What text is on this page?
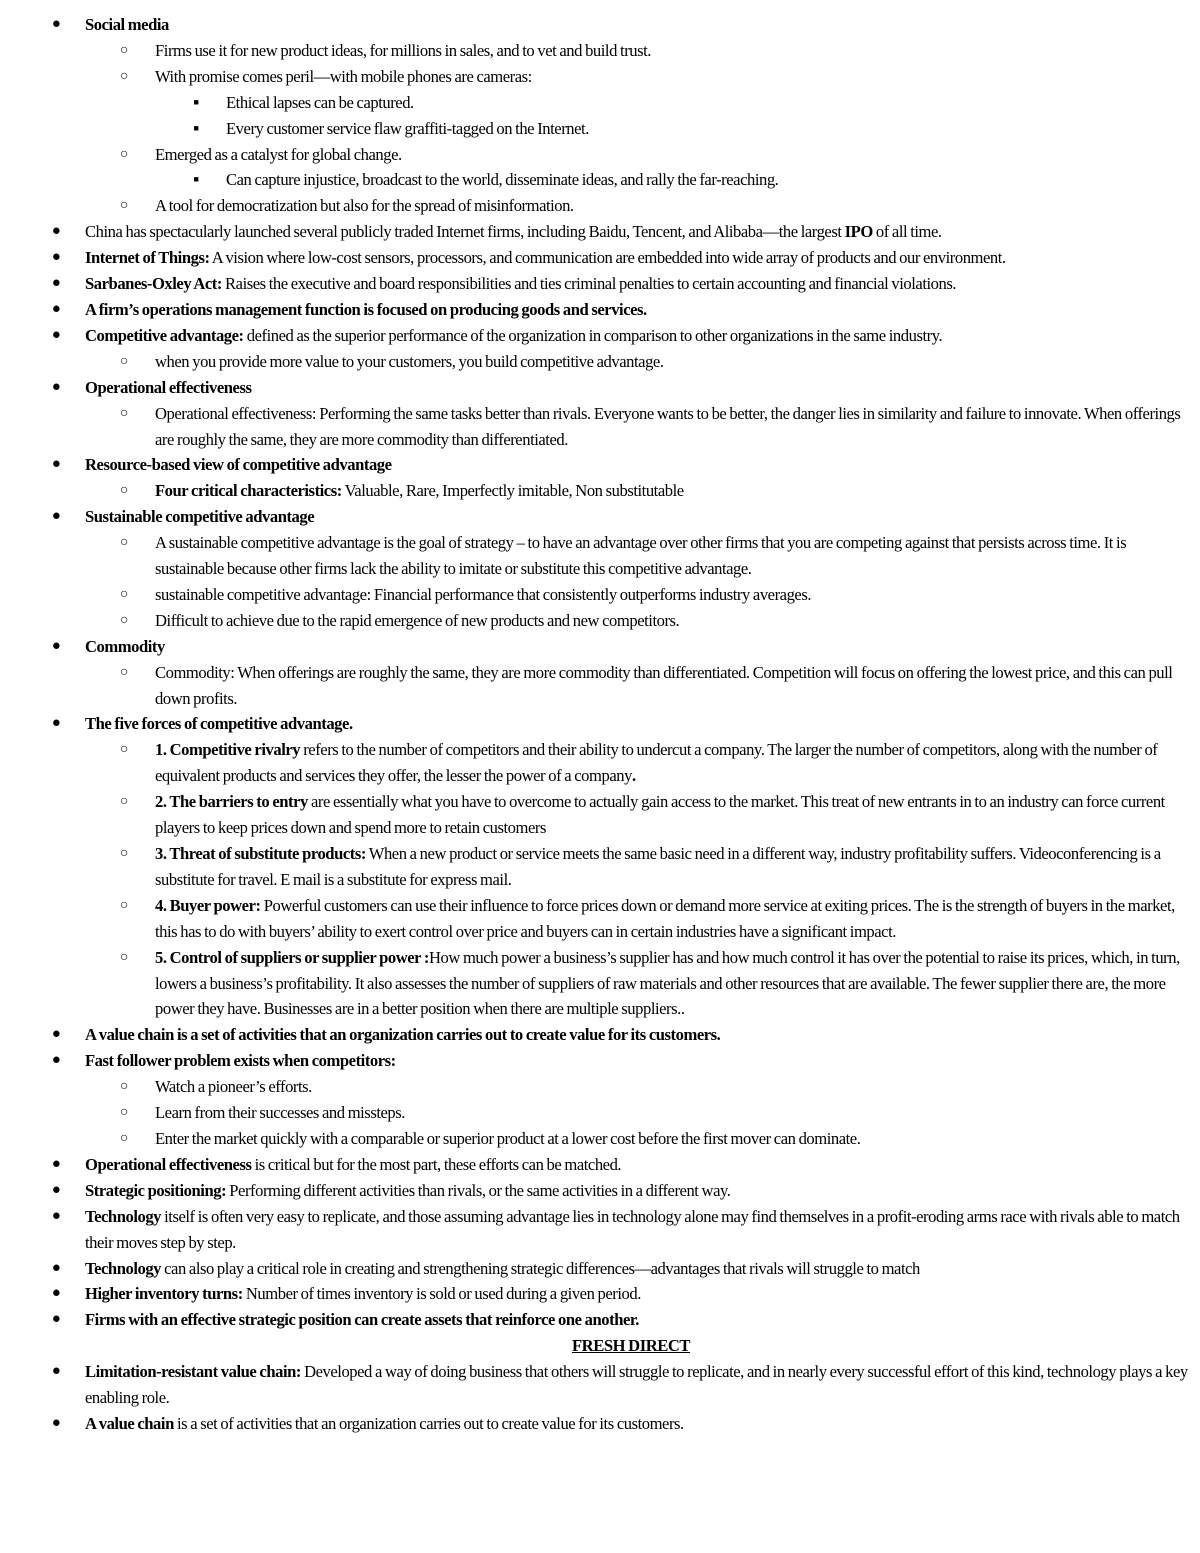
●	Social media
○	Firms use it for new product ideas, for millions in sales, and to vet and build trust.
○	With promise comes peril—with mobile phones are cameras:
■	Ethical lapses can be captured.
■	Every customer service flaw graffiti-tagged on the Internet.
○	Emerged as a catalyst for global change.
■	Can capture injustice, broadcast to the world, disseminate ideas, and rally the far-reaching.
○	A tool for democratization but also for the spread of misinformation.
●	China has spectacularly launched several publicly traded Internet firms, including Baidu, Tencent, and Alibaba—the largest IPO of all time.
●	Internet of Things: A vision where low-cost sensors, processors, and communication are embedded into wide array of products and our environment.
●	Sarbanes-Oxley Act: Raises the executive and board responsibilities and ties criminal penalties to certain accounting and financial violations.
●	A firm’s operations management function is focused on producing goods and services.
●	Competitive advantage: defined as the superior performance of the organization in comparison to other organizations in the same industry.
○	when you provide more value to your customers, you build competitive advantage.
●	Operational effectiveness
○	Operational effectiveness: Performing the same tasks better than rivals. Everyone wants to be better, the danger lies in similarity and failure to innovate. When offerings are roughly the same, they are more commodity than differentiated.
●	Resource-based view of competitive advantage
○	Four critical characteristics: Valuable, Rare, Imperfectly imitable, Non substitutable
●	Sustainable competitive advantage
○	A sustainable competitive advantage is the goal of strategy – to have an advantage over other firms that you are competing against that persists across time. It is sustainable because other firms lack the ability to imitate or substitute this competitive advantage.
○	sustainable competitive advantage: Financial performance that consistently outperforms industry averages.
○	Difficult to achieve due to the rapid emergence of new products and new competitors.
●	Commodity
○	Commodity: When offerings are roughly the same, they are more commodity than differentiated. Competition will focus on offering the lowest price, and this can pull down profits.
●	The five forces of competitive advantage.
○	1. Competitive rivalry refers to the number of competitors and their ability to undercut a company. The larger the number of competitors, along with the number of equivalent products and services they offer, the lesser the power of a company.
○	2. The barriers to entry are essentially what you have to overcome to actually gain access to the market. This treat of new entrants in to an industry can force current players to keep prices down and spend more to retain customers
○	3. Threat of substitute products: When a new product or service meets the same basic need in a different way, industry profitability suffers. Videoconferencing is a substitute for travel. E mail is a substitute for express mail.
○	4. Buyer power: Powerful customers can use their influence to force prices down or demand more service at exiting prices. The is the strength of buyers in the market, this has to do with buyers’ ability to exert control over price and buyers can in certain industries have a significant impact.
○	5. Control of suppliers or supplier power :How much power a business’s supplier has and how much control it has over the potential to raise its prices, which, in turn, lowers a business’s profitability. It also assesses the number of suppliers of raw materials and other resources that are available. The fewer supplier there are, the more power they have. Businesses are in a better position when there are multiple suppliers..
●	A value chain is a set of activities that an organization carries out to create value for its customers.
●	Fast follower problem exists when competitors:
○	Watch a pioneer’s efforts.
○	Learn from their successes and missteps.
○	Enter the market quickly with a comparable or superior product at a lower cost before the first mover can dominate.
●	Operational effectiveness is critical but for the most part, these efforts can be matched.
●	Strategic positioning: Performing different activities than rivals, or the same activities in a different way.
●	Technology itself is often very easy to replicate, and those assuming advantage lies in technology alone may find themselves in a profit-eroding arms race with rivals able to match their moves step by step.
●	Technology can also play a critical role in creating and strengthening strategic differences—advantages that rivals will struggle to match
●	Higher inventory turns: Number of times inventory is sold or used during a given period.
●	Firms with an effective strategic position can create assets that reinforce one another.
FRESH DIRECT
●	Limitation-resistant value chain: Developed a way of doing business that others will struggle to replicate, and in nearly every successful effort of this kind, technology plays a key enabling role.
●	A value chain is a set of activities that an organization carries out to create value for its customers.
